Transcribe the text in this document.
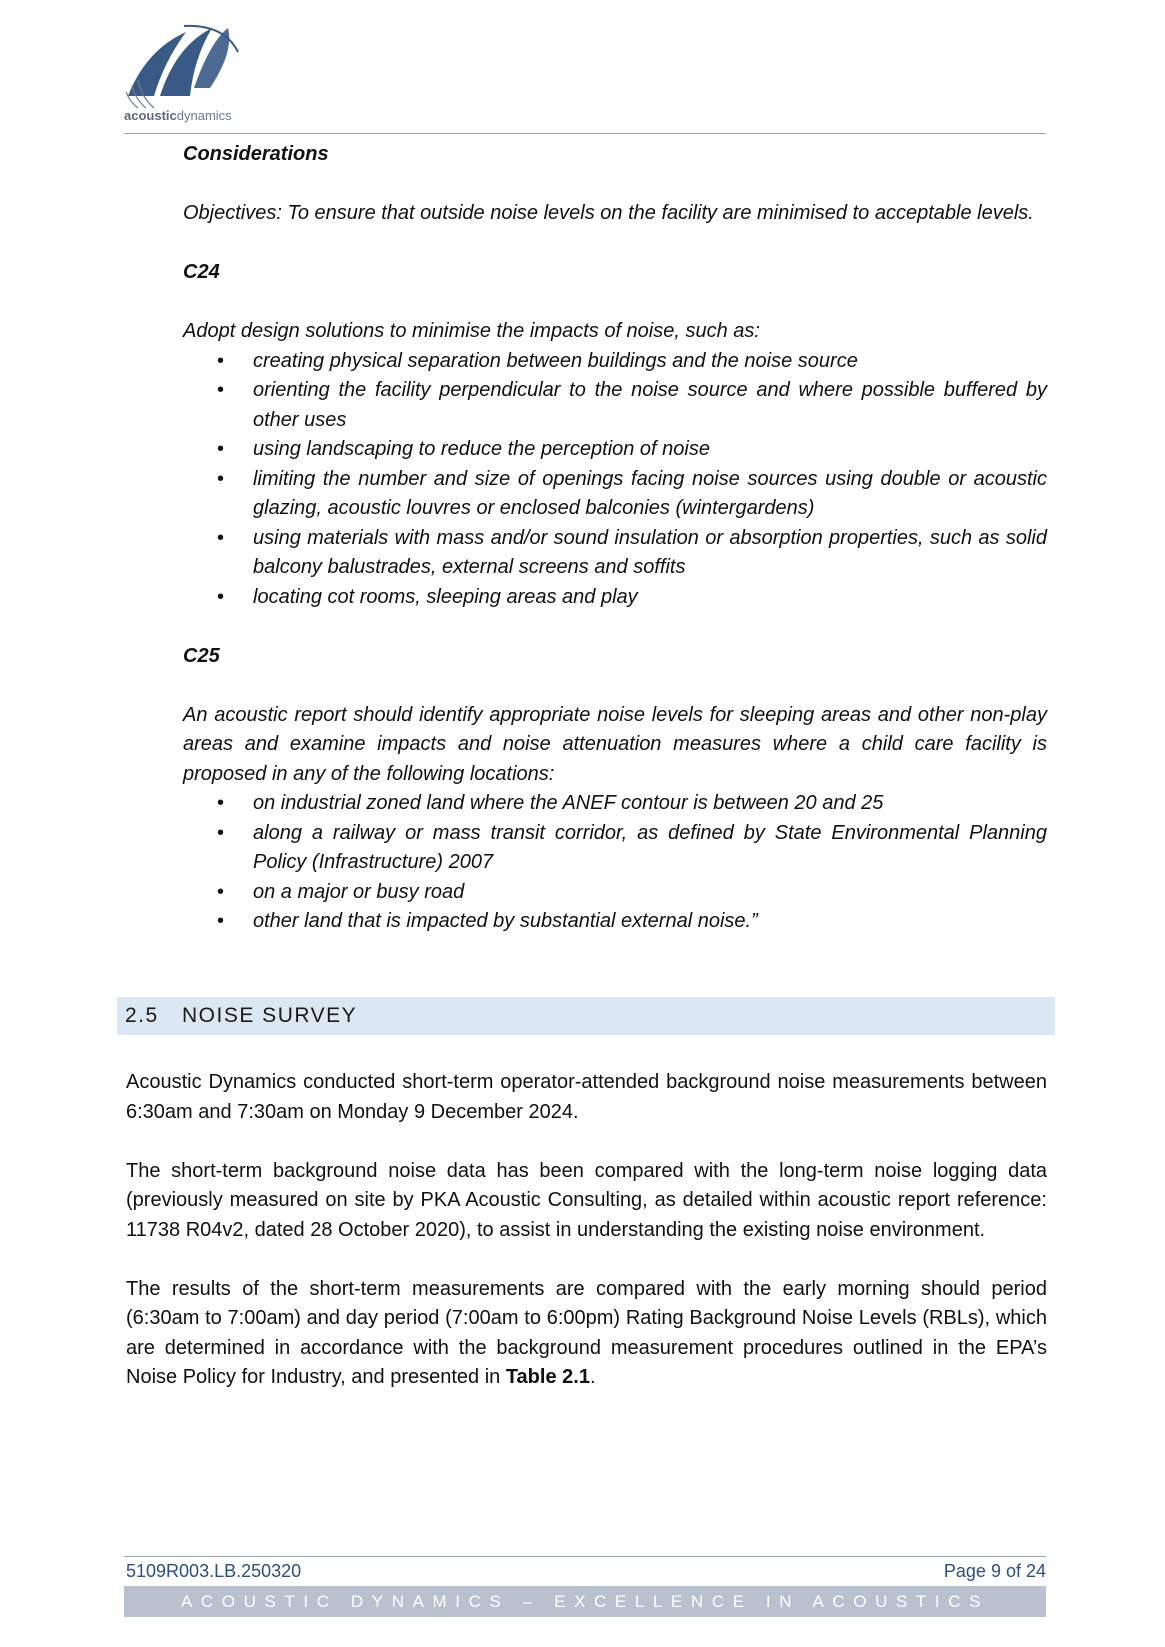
acousticdynamics

Considerations

Objectives: To ensure that outside noise levels on the facility are minimised to acceptable levels.

C24

Adopt design solutions to minimise the impacts of noise, such as:

• creating physical separation between buildings and the noise source
• orienting the facility perpendicular to the noise source and where possible buffered by other uses
• using landscaping to reduce the perception of noise
• limiting the number and size of openings facing noise sources using double or acoustic glazing, acoustic louvres or enclosed balconies (wintergardens)
• using materials with mass and/or sound insulation or absorption properties, such as solid balcony balustrades, external screens and soffits
• locating cot rooms, sleeping areas and play

C25

An acoustic report should identify appropriate noise levels for sleeping areas and other non-play areas and examine impacts and noise attenuation measures where a child care facility is proposed in any of the following locations:

• on industrial zoned land where the ANEF contour is between 20 and 25
• along a railway or mass transit corridor, as defined by State Environmental Planning Policy (Infrastructure) 2007
• on a major or busy road
• other land that is impacted by substantial external noise.”
2.5 NOISE SURVEY

Acoustic Dynamics conducted short-term operator-attended background noise measurements between 6:30am and 7:30am on Monday 9 December 2024.

The short-term background noise data has been compared with the long-term noise logging data (previously measured on site by PKA Acoustic Consulting, as detailed within acoustic report reference: 11738 R04v2, dated 28 October 2020), to assist in understanding the existing noise environment.

The results of the short-term measurements are compared with the early morning should period (6:30am to 7:00am) and day period (7:00am to 6:00pm) Rating Background Noise Levels (RBLs), which are determined in accordance with the background measurement procedures outlined in the EPA’s Noise Policy for Industry, and presented in Table 2.1.

5109R003.LB.250320	Page 9 of 24
ACOUSTIC DYNAMICS – EXCELLENCE IN ACOUSTICS
